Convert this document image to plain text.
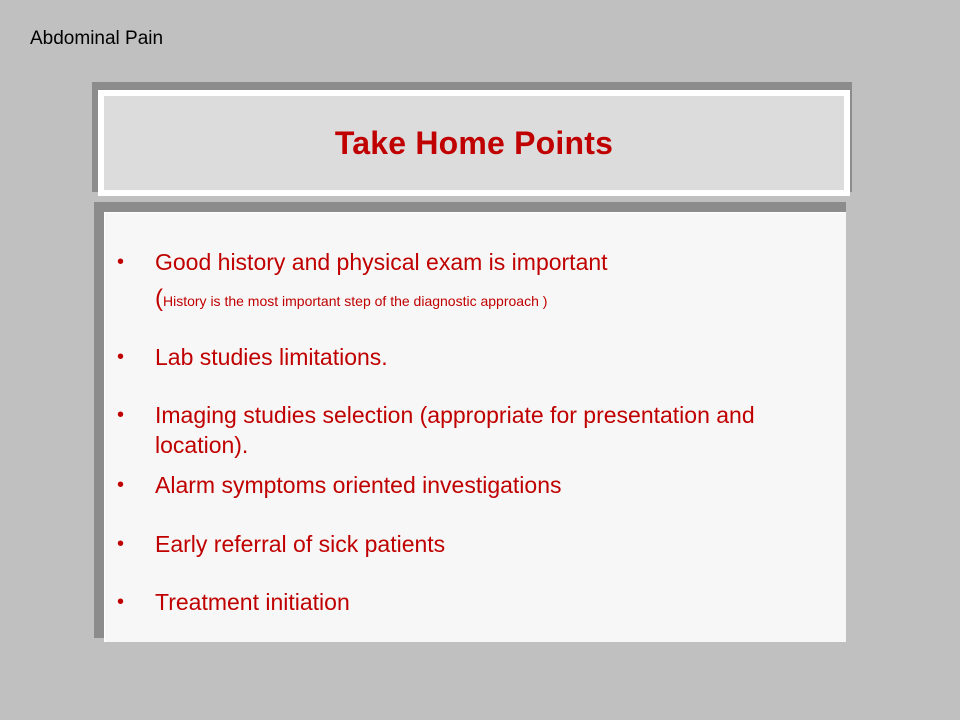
Abdominal Pain
Take Home Points
• Good history and physical exam is important
(History is the most important step of the diagnostic approach )
• Lab studies limitations.
• Imaging studies selection (appropriate for presentation and location).
• Alarm symptoms oriented investigations
• Early referral of sick patients
• Treatment initiation
